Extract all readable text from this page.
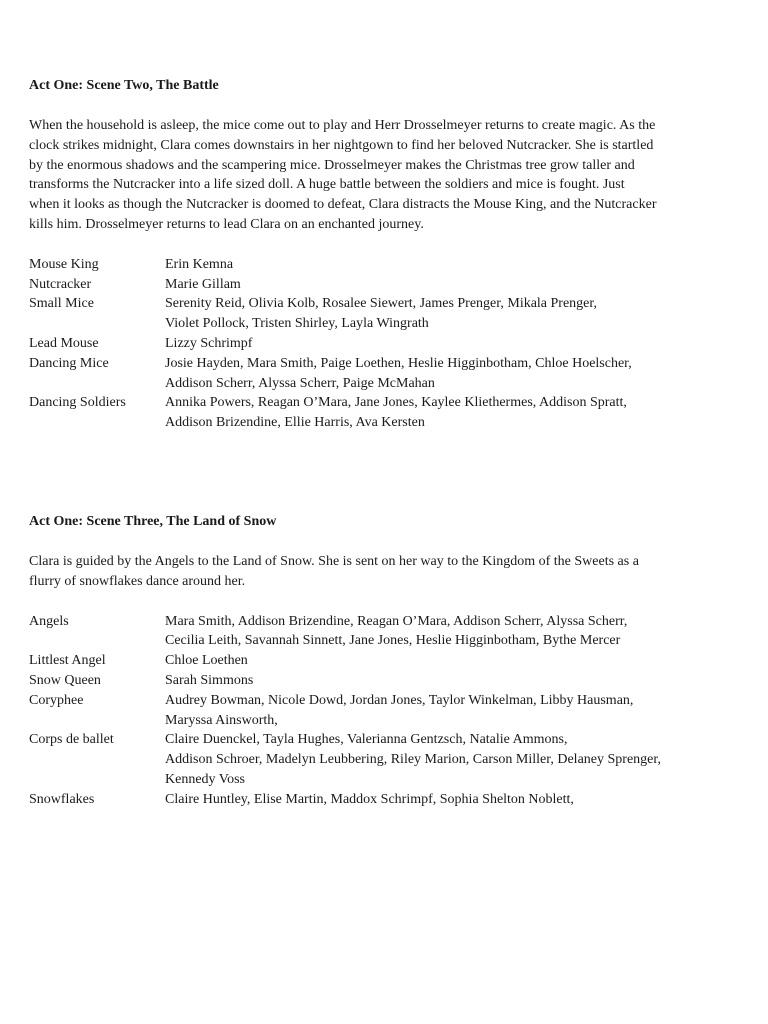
Act One: Scene Two, The Battle

When the household is asleep, the mice come out to play and Herr Drosselmeyer returns to create magic. As the
clock strikes midnight, Clara comes downstairs in her nightgown to find her beloved Nutcracker. She is startled
by the enormous shadows and the scampering mice. Drosselmeyer makes the Christmas tree grow taller and
transforms the Nutcracker into a life sized doll. A huge battle between the soldiers and mice is fought. Just
when it looks as though the Nutcracker is doomed to defeat, Clara distracts the Mouse King, and the Nutcracker
kills him. Drosselmeyer returns to lead Clara on an enchanted journey.
Mouse King	Erin Kemna
Nutcracker	Marie Gillam
Small Mice	Serenity Reid, Olivia Kolb, Rosalee Siewert, James Prenger, Mikala Prenger,
Violet Pollock, Tristen Shirley, Layla Wingrath
Lead Mouse	Lizzy Schrimpf
Dancing Mice	Josie Hayden, Mara Smith, Paige Loethen, Heslie Higginbotham, Chloe Hoelscher,
Addison Scherr, Alyssa Scherr, Paige McMahan
Dancing Soldiers	Annika Powers, Reagan O’Mara, Jane Jones, Kaylee Kliethermes, Addison Spratt,
Addison Brizendine, Ellie Harris, Ava Kersten

Act One: Scene Three, The Land of Snow

Clara is guided by the Angels to the Land of Snow. She is sent on her way to the Kingdom of the Sweets as a
flurry of snowflakes dance around her.
Angels	Mara Smith, Addison Brizendine, Reagan O’Mara, Addison Scherr, Alyssa Scherr,
Cecilia Leith, Savannah Sinnett, Jane Jones, Heslie Higginbotham, Bythe Mercer
Littlest Angel	Chloe Loethen
Snow Queen	Sarah Simmons
Coryphee	Audrey Bowman, Nicole Dowd, Jordan Jones, Taylor Winkelman, Libby Hausman,
Maryssa Ainsworth,
Corps de ballet	Claire Duenckel, Tayla Hughes, Valerianna Gentzsch, Natalie Ammons,
Addison Schroer, Madelyn Leubbering, Riley Marion, Carson Miller, Delaney Sprenger,
Kennedy Voss
Snowflakes	Claire Huntley, Elise Martin, Maddox Schrimpf, Sophia Shelton Noblett,
